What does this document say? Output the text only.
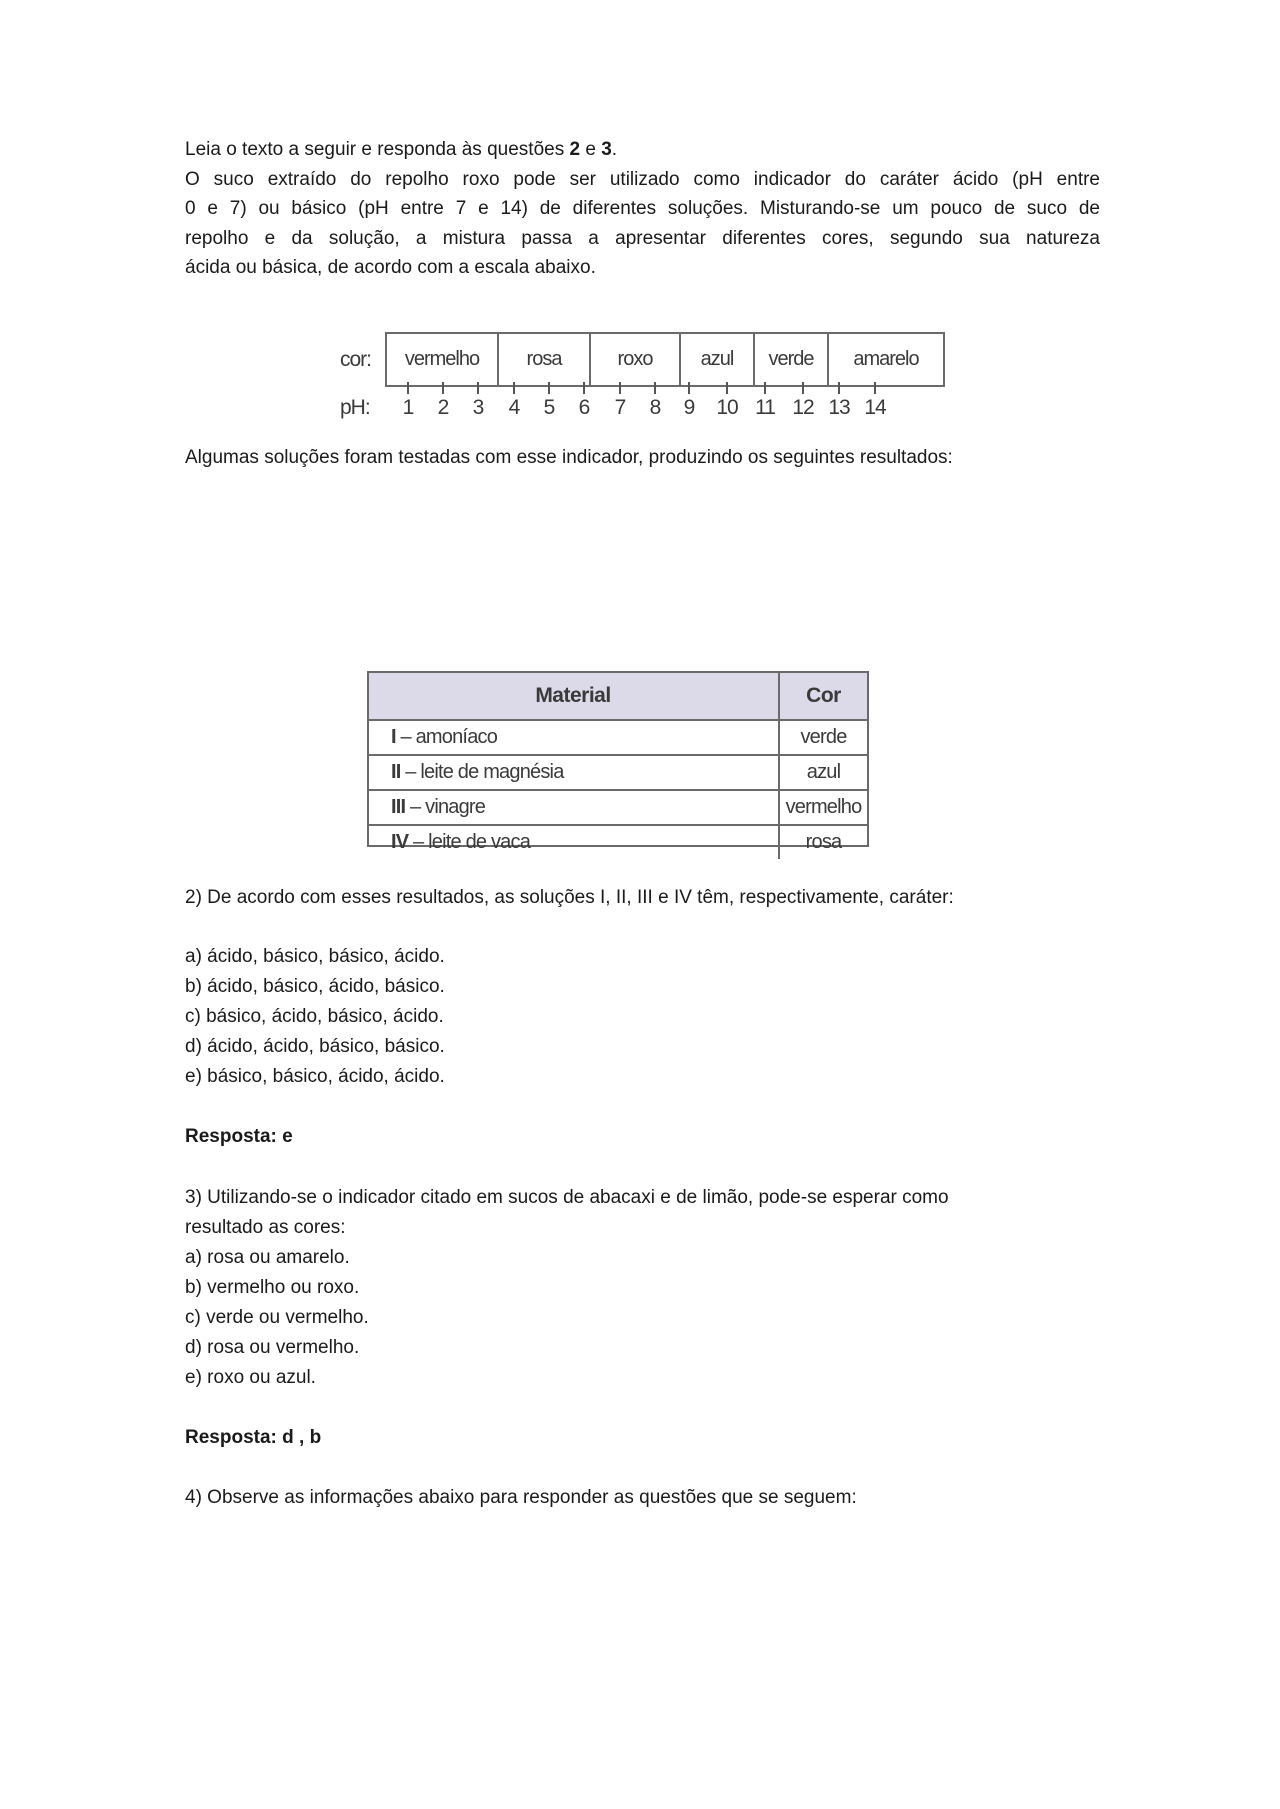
Leia o texto a seguir e responda às questões 2 e 3.
O suco extraído do repolho roxo pode ser utilizado como indicador do caráter ácido (pH entre
0 e 7) ou básico (pH entre 7 e 14) de diferentes soluções. Misturando-se um pouco de suco de
repolho e da solução, a mistura passa a apresentar diferentes cores, segundo sua natureza
ácida ou básica, de acordo com a escala abaixo.
cor:	vermelho	rosa	roxo	azul	verde	amarelo
pH: 1 2 3 4 5 6 7 8 9 10 11 12 13 14
Algumas soluções foram testadas com esse indicador, produzindo os seguintes resultados:
Material	Cor
I – amoníaco	verde
II – leite de magnésia	azul
III – vinagre	vermelho
IV – leite de vaca	rosa
2) De acordo com esses resultados, as soluções I, II, III e IV têm, respectivamente, caráter:
a) ácido, básico, básico, ácido.
b) ácido, básico, ácido, básico.
c) básico, ácido, básico, ácido.
d) ácido, ácido, básico, básico.
e) básico, básico, ácido, ácido.
Resposta: e
3) Utilizando-se o indicador citado em sucos de abacaxi e de limão, pode-se esperar como
resultado as cores:
a) rosa ou amarelo.
b) vermelho ou roxo.
c) verde ou vermelho.
d) rosa ou vermelho.
e) roxo ou azul.
Resposta: d , b
4) Observe as informações abaixo para responder as questões que se seguem:
